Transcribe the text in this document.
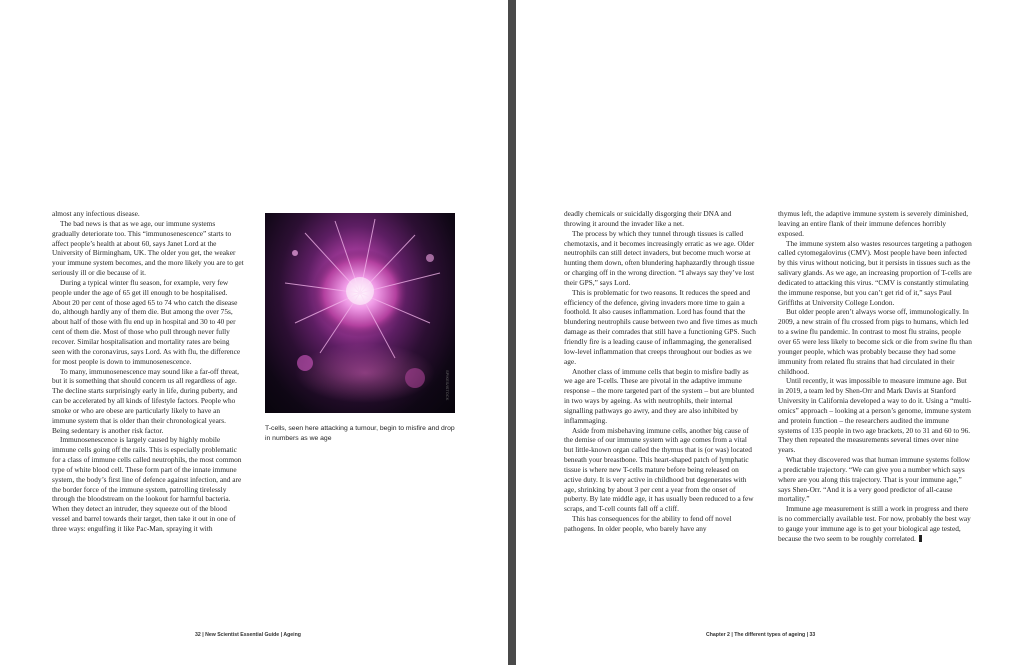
almost any infectious disease.

The bad news is that as we age, our immune systems gradually deteriorate too. This “immunosenescence” starts to affect people’s health at about 60, says Janet Lord at the University of Birmingham, UK. The older you get, the weaker your immune system becomes, and the more likely you are to get seriously ill or die because of it.

During a typical winter flu season, for example, very few people under the age of 65 get ill enough to be hospitalised. About 20 per cent of those aged 65 to 74 who catch the disease do, although hardly any of them die. But among the over 75s, about half of those with flu end up in hospital and 30 to 40 per cent of them die. Most of those who pull through never fully recover. Similar hospitalisation and mortality rates are being seen with the coronavirus, says Lord. As with flu, the difference for most people is down to immunosenescence.

To many, immunosenescence may sound like a far-off threat, but it is something that should concern us all regardless of age. The decline starts surprisingly early in life, during puberty, and can be accelerated by all kinds of lifestyle factors. People who smoke or who are obese are particularly likely to have an immune system that is older than their chronological years. Being sedentary is another risk factor.

Immunosenescence is largely caused by highly mobile immune cells going off the rails. This is especially problematic for a class of immune cells called neutrophils, the most common type of white blood cell. These form part of the innate immune system, the body’s first line of defence against infection, and are the border force of the immune system, patrolling tirelessly through the bloodstream on the lookout for harmful bacteria. When they detect an intruder, they squeeze out of the blood vessel and barrel towards their target, then take it out in one of three ways: engulfing it like Pac-Man, spraying it with

SPIKES/ISTOCK
T-cells, seen here attacking a tumour, begin to misfire and drop in numbers as we age
32 | New Scientist Essential Guide | Ageing

deadly chemicals or suicidally disgorging their DNA and throwing it around the invader like a net.

The process by which they tunnel through tissues is called chemotaxis, and it becomes increasingly erratic as we age. Older neutrophils can still detect invaders, but become much worse at hunting them down, often blundering haphazardly through tissue or charging off in the wrong direction. “I always say they’ve lost their GPS,” says Lord.

This is problematic for two reasons. It reduces the speed and efficiency of the defence, giving invaders more time to gain a foothold. It also causes inflammation. Lord has found that the blundering neutrophils cause between two and five times as much damage as their comrades that still have a functioning GPS. Such friendly fire is a leading cause of inflammaging, the generalised low-level inflammation that creeps throughout our bodies as we age.

Another class of immune cells that begin to misfire badly as we age are T-cells. These are pivotal in the adaptive immune response – the more targeted part of the system – but are blunted in two ways by ageing. As with neutrophils, their internal signalling pathways go awry, and they are also inhibited by inflammaging.

Aside from misbehaving immune cells, another big cause of the demise of our immune system with age comes from a vital but little-known organ called the thymus that is (or was) located beneath your breastbone. This heart-shaped patch of lymphatic tissue is where new T-cells mature before being released on active duty. It is very active in childhood but degenerates with age, shrinking by about 3 per cent a year from the onset of puberty. By late middle age, it has usually been reduced to a few scraps, and T-cell counts fall off a cliff.

This has consequences for the ability to fend off novel pathogens. In older people, who barely have any

thymus left, the adaptive immune system is severely diminished, leaving an entire flank of their immune defences horribly exposed.

The immune system also wastes resources targeting a pathogen called cytomegalovirus (CMV). Most people have been infected by this virus without noticing, but it persists in tissues such as the salivary glands. As we age, an increasing proportion of T-cells are dedicated to attacking this virus. “CMV is constantly stimulating the immune response, but you can’t get rid of it,” says Paul Griffiths at University College London.

But older people aren’t always worse off, immunologically. In 2009, a new strain of flu crossed from pigs to humans, which led to a swine flu pandemic. In contrast to most flu strains, people over 65 were less likely to become sick or die from swine flu than younger people, which was probably because they had some immunity from related flu strains that had circulated in their childhood.

Until recently, it was impossible to measure immune age. But in 2019, a team led by Shen-Orr and Mark Davis at Stanford University in California developed a way to do it. Using a “multi-omics” approach – looking at a person’s genome, immune system and protein function – the researchers audited the immune systems of 135 people in two age brackets, 20 to 31 and 60 to 96. They then repeated the measurements several times over nine years.

What they discovered was that human immune systems follow a predictable trajectory. “We can give you a number which says where are you along this trajectory. That is your immune age,” says Shen-Orr. “And it is a very good predictor of all-cause mortality.”

Immune age measurement is still a work in progress and there is no commercially available test. For now, probably the best way to gauge your immune age is to get your biological age tested, because the two seem to be roughly correlated.

Chapter 2 | The different types of ageing | 33
